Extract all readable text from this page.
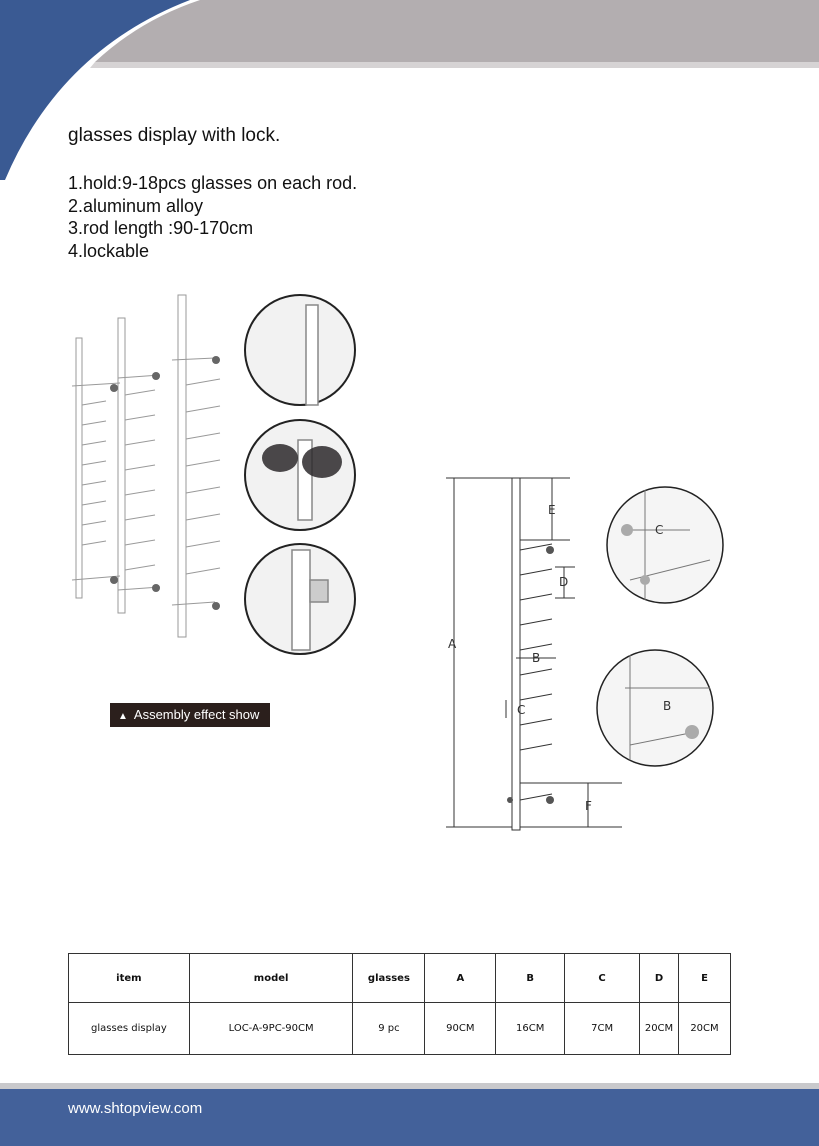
glasses display with lock.
1.hold:9-18pcs glasses on each rod.
2.aluminum alloy
3.rod length :90-170cm
4.lockable
▲ Assembly effect show
A
B
C
D
E
F
C
B
item	model	glasses	A	B	C	D	E
glasses display	LOC-A-9PC-90CM	9 pc	90CM	16CM	7CM	20CM	20CM
www.shtopview.com
